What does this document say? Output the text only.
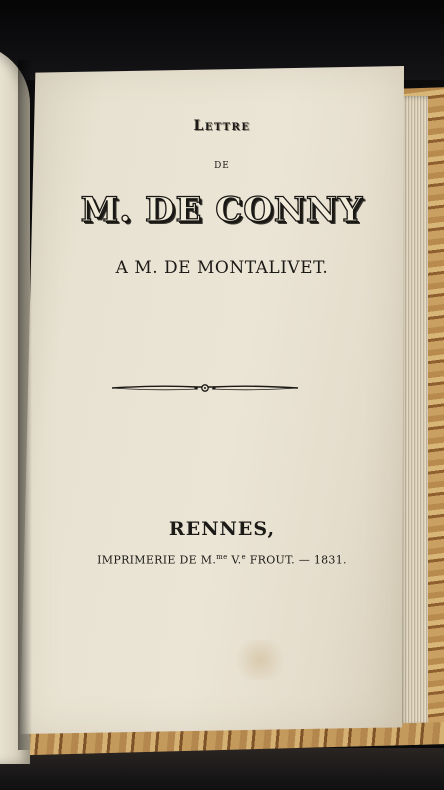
Lettre
DE
M. DE CONNY
A M. DE MONTALIVET.
RENNES,
IMPRIMERIE DE M.$^{me}$ V.$^e$ FROUT. — 1831.
